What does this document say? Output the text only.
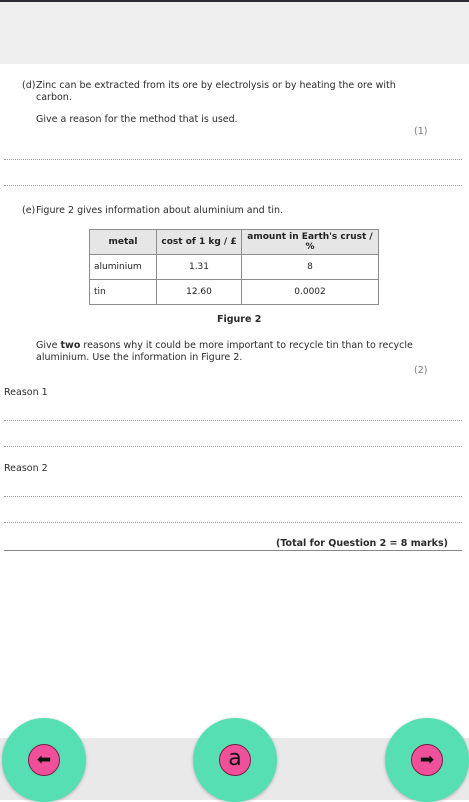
(d) Zinc can be extracted from its ore by electrolysis or by heating the ore with
carbon.
Give a reason for the method that is used.
(1)
(e) Figure 2 gives information about aluminium and tin.
metal	cost of 1 kg / £	amount in Earth's crust / %
aluminium	1.31	8
tin	12.60	0.0002
Figure 2
Give two reasons why it could be more important to recycle tin than to recycle
aluminium. Use the information in Figure 2.
(2)
Reason 1
Reason 2
(Total for Question 2 = 8 marks)
⬅	a	➡
